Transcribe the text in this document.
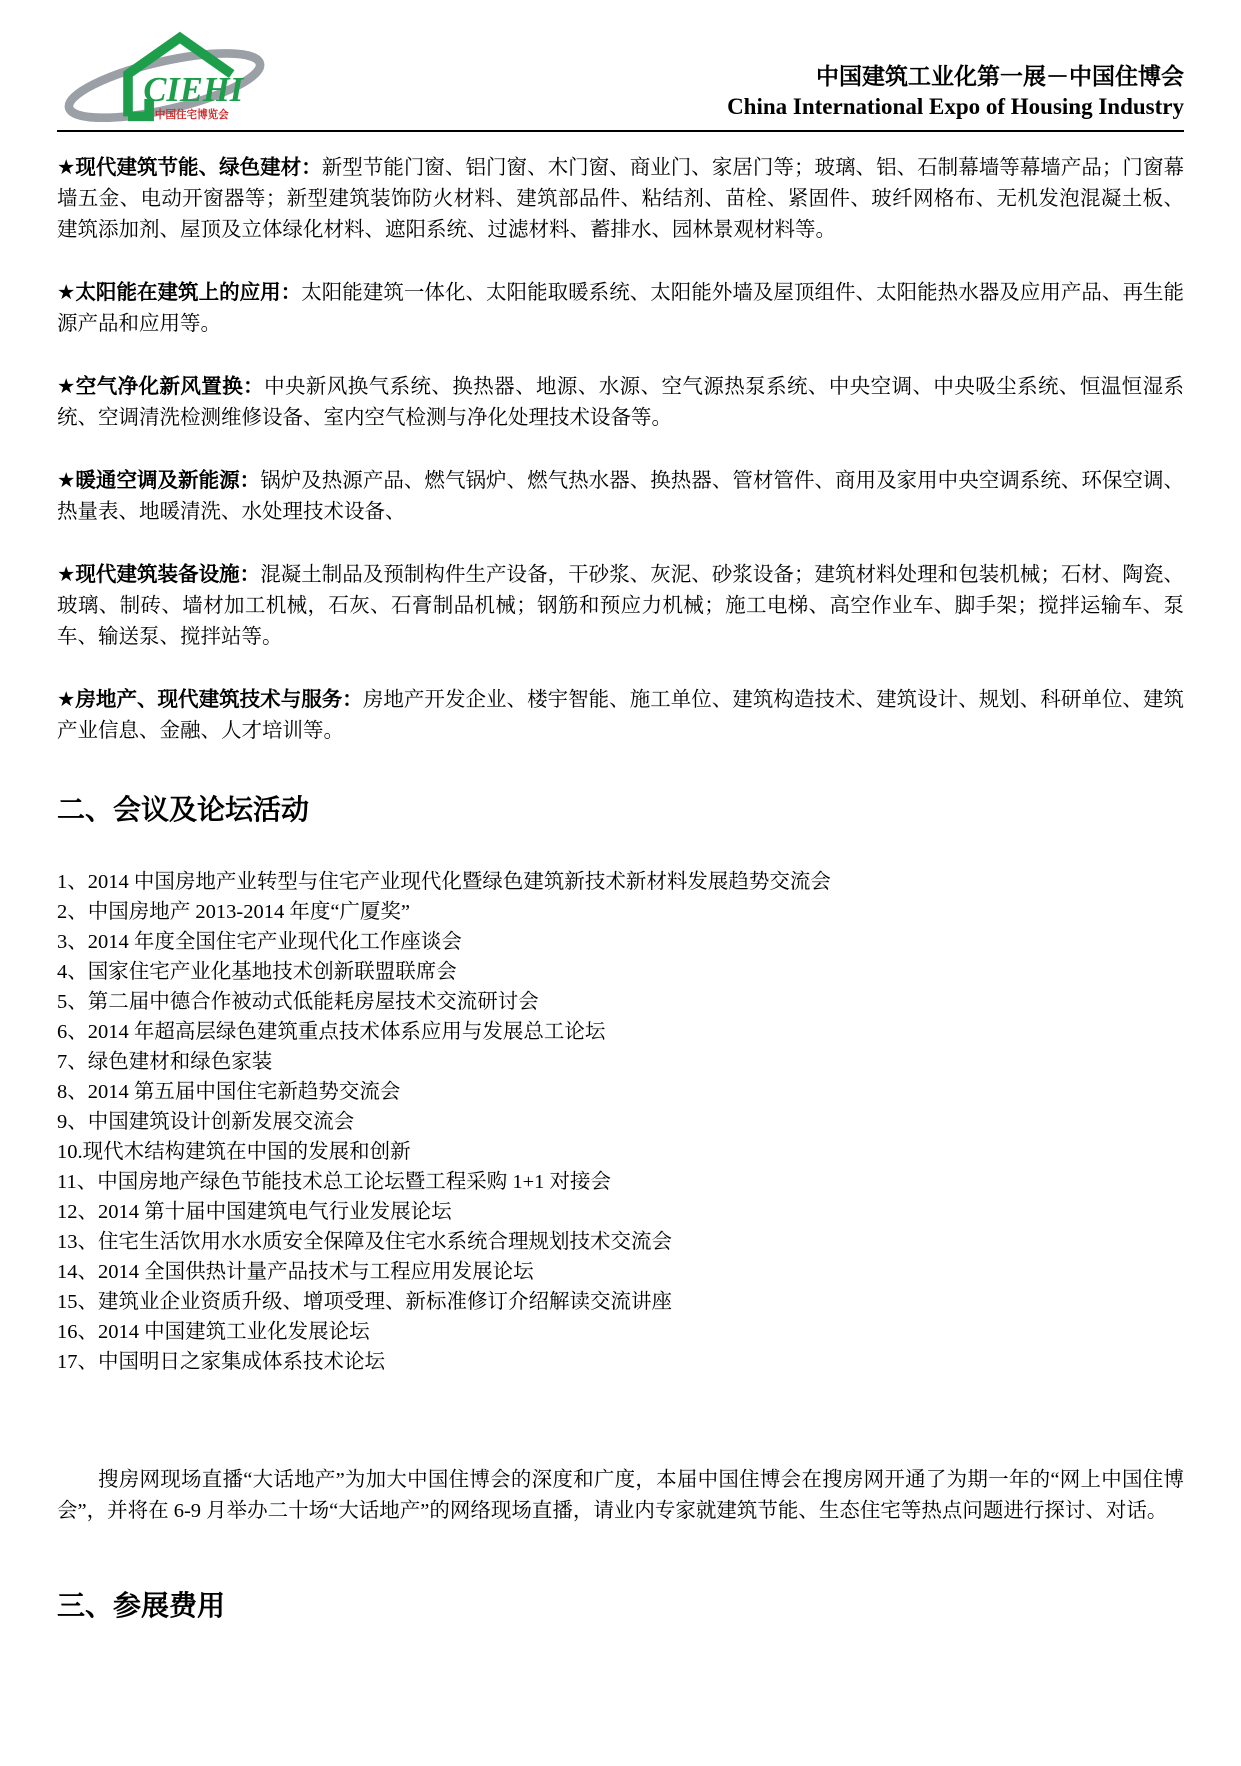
CIEHI
中国住宅博览会
中国建筑工业化第一展－中国住博会
China International Expo of Housing Industry

★现代建筑节能、绿色建材：新型节能门窗、铝门窗、木门窗、商业门、家居门等；玻璃、铝、石制幕墙等幕墙产品；门窗幕墙五金、电动开窗器等；新型建筑装饰防火材料、建筑部品件、粘结剂、苗栓、紧固件、玻纤网格布、无机发泡混凝土板、建筑添加剂、屋顶及立体绿化材料、遮阳系统、过滤材料、蓄排水、园林景观材料等。

★太阳能在建筑上的应用：太阳能建筑一体化、太阳能取暖系统、太阳能外墙及屋顶组件、太阳能热水器及应用产品、再生能源产品和应用等。

★空气净化新风置换：中央新风换气系统、换热器、地源、水源、空气源热泵系统、中央空调、中央吸尘系统、恒温恒湿系统、空调清洗检测维修设备、室内空气检测与净化处理技术设备等。

★暖通空调及新能源：锅炉及热源产品、燃气锅炉、燃气热水器、换热器、管材管件、商用及家用中央空调系统、环保空调、热量表、地暖清洗、水处理技术设备、

★现代建筑装备设施：混凝土制品及预制构件生产设备，干砂浆、灰泥、砂浆设备；建筑材料处理和包装机械；石材、陶瓷、玻璃、制砖、墙材加工机械，石灰、石膏制品机械；钢筋和预应力机械；施工电梯、高空作业车、脚手架；搅拌运输车、泵车、输送泵、搅拌站等。

★房地产、现代建筑技术与服务：房地产开发企业、楼宇智能、施工单位、建筑构造技术、建筑设计、规划、科研单位、建筑产业信息、金融、人才培训等。

二、会议及论坛活动
1、2014 中国房地产业转型与住宅产业现代化暨绿色建筑新技术新材料发展趋势交流会
2、中国房地产 2013-2014 年度“广厦奖”
3、2014 年度全国住宅产业现代化工作座谈会
4、国家住宅产业化基地技术创新联盟联席会
5、第二届中德合作被动式低能耗房屋技术交流研讨会
6、2014 年超高层绿色建筑重点技术体系应用与发展总工论坛
7、绿色建材和绿色家装
8、2014 第五届中国住宅新趋势交流会
9、中国建筑设计创新发展交流会
10.现代木结构建筑在中国的发展和创新
11、中国房地产绿色节能技术总工论坛暨工程采购 1+1 对接会
12、2014 第十届中国建筑电气行业发展论坛
13、住宅生活饮用水水质安全保障及住宅水系统合理规划技术交流会
14、2014 全国供热计量产品技术与工程应用发展论坛
15、建筑业企业资质升级、增项受理、新标准修订介绍解读交流讲座
16、2014 中国建筑工业化发展论坛
17、中国明日之家集成体系技术论坛

搜房网现场直播“大话地产”为加大中国住博会的深度和广度，本届中国住博会在搜房网开通了为期一年的“网上中国住博会”，并将在 6-9 月举办二十场“大话地产”的网络现场直播，请业内专家就建筑节能、生态住宅等热点问题进行探讨、对话。

三、参展费用
